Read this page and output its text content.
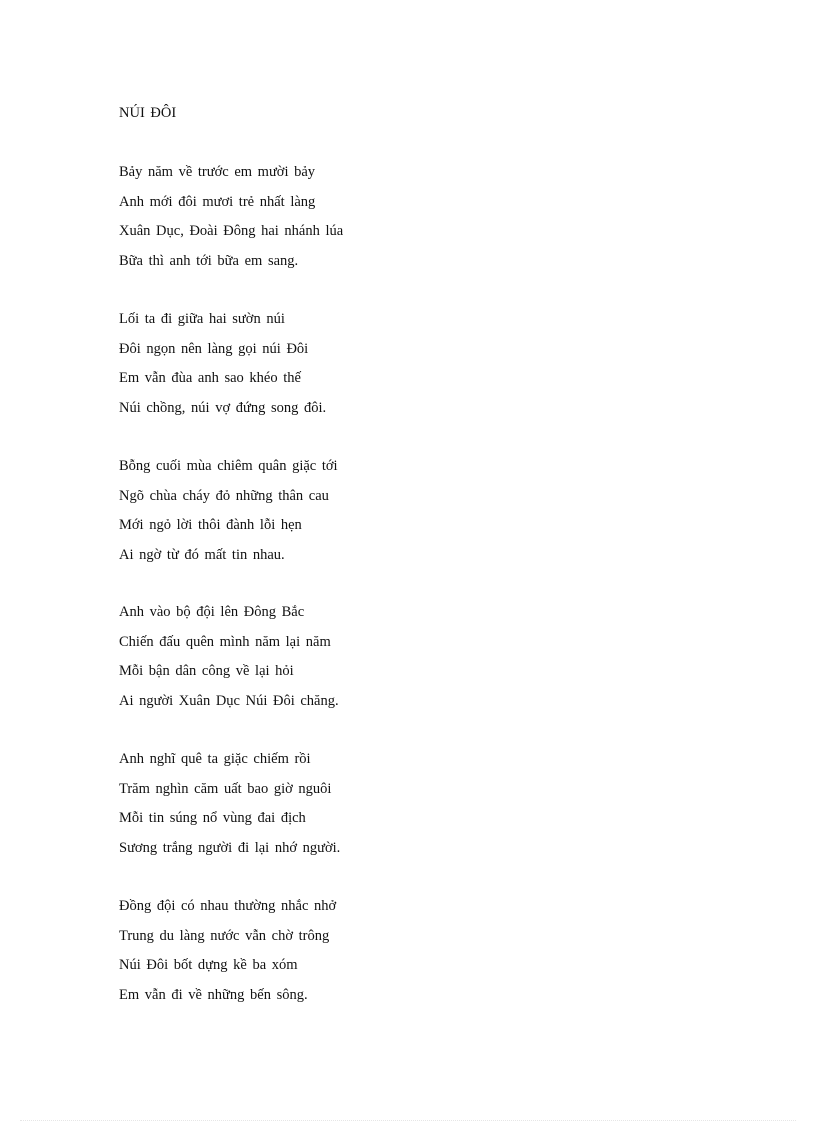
NÚI ĐÔI
Bảy năm về trước em mười bảy
Anh mới đôi mươi trẻ nhất làng
Xuân Dục, Đoài Đông hai nhánh lúa
Bữa thì anh tới bữa em sang.
Lối ta đi giữa hai sườn núi
Đôi ngọn nên làng gọi núi Đôi
Em vẫn đùa anh sao khéo thế
Núi chồng, núi vợ đứng song đôi.
Bỗng cuối mùa chiêm quân giặc tới
Ngõ chùa cháy đỏ những thân cau
Mới ngỏ lời thôi đành lỗi hẹn
Ai ngờ từ đó mất tin nhau.
Anh vào bộ đội lên Đông Bắc
Chiến đấu quên mình năm lại năm
Mỗi bận dân công về lại hỏi
Ai người Xuân Dục Núi Đôi chăng.
Anh nghĩ quê ta giặc chiếm rồi
Trăm nghìn căm uất bao giờ nguôi
Mỗi tin súng nổ vùng đai địch
Sương trắng người đi lại nhớ người.
Đồng đội có nhau thường nhắc nhở
Trung du làng nước vẫn chờ trông
Núi Đôi bốt dựng kề ba xóm
Em vẫn đi về những bến sông.
